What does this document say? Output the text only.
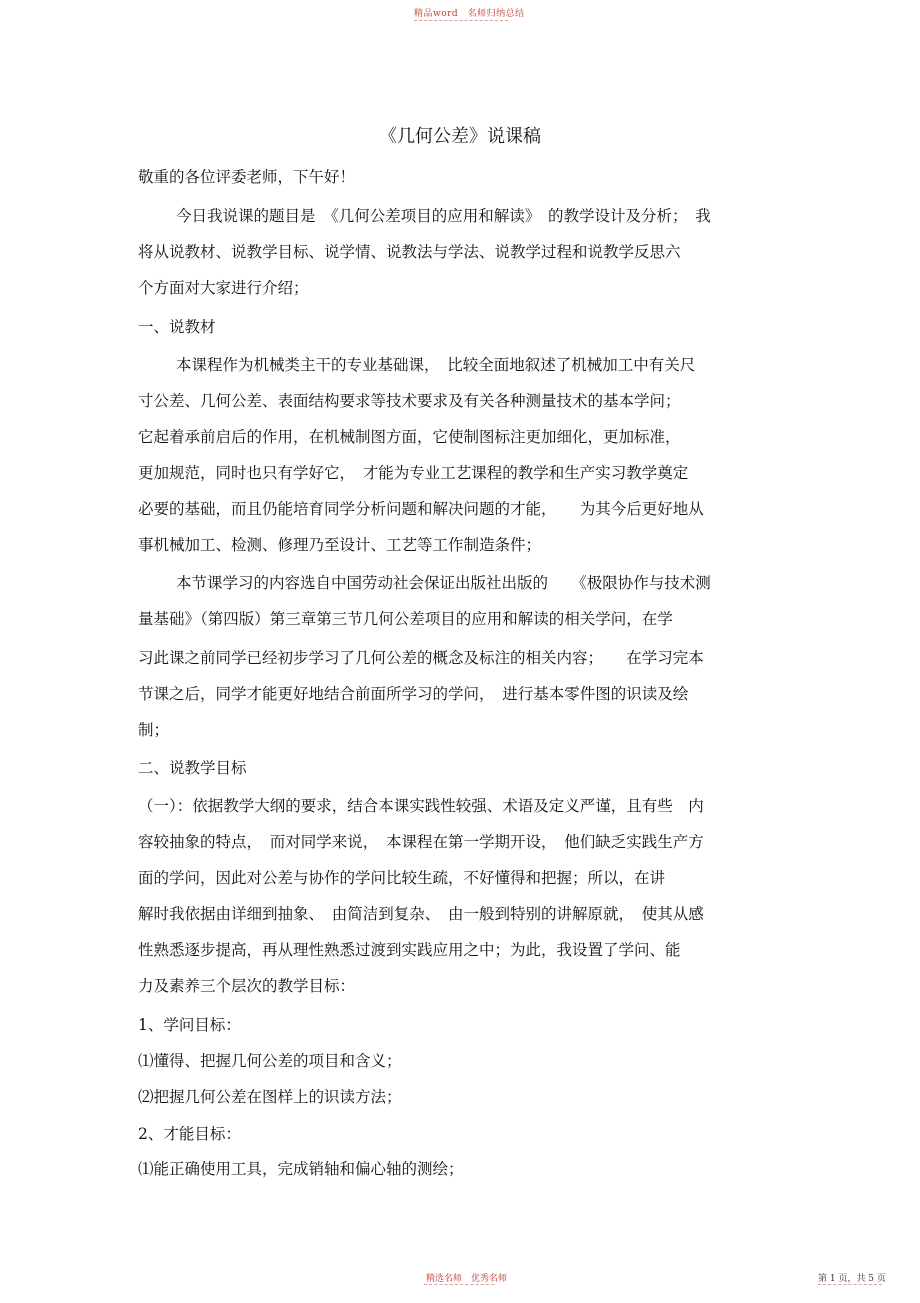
精品word　名师归纳总结
《几何公差》说课稿
敬重的各位评委老师，下午好！
今日我说课的题目是　《几何公差项目的应用和解读》　的教学设计及分析；　我
将从说教材、说教学目标、说学情、说教法与学法、说教学过程和说教学反思六
个方面对大家进行介绍；
一、说教材
本课程作为机械类主干的专业基础课，　比较全面地叙述了机械加工中有关尺
寸公差、几何公差、表面结构要求等技术要求及有关各种测量技术的基本学问；
它起着承前启后的作用，在机械制图方面，它使制图标注更加细化，更加标准，
更加规范，同时也只有学好它，　才能为专业工艺课程的教学和生产实习教学奠定
必要的基础，而且仍能培育同学分析问题和解决问题的才能，　　为其今后更好地从
事机械加工、检测、修理乃至设计、工艺等工作制造条件；
本节课学习的内容选自中国劳动社会保证出版社出版的　　《极限协作与技术测
量基础》（第四版）第三章第三节几何公差项目的应用和解读的相关学问，在学
习此课之前同学已经初步学习了几何公差的概念及标注的相关内容；　　在学习完本
节课之后，同学才能更好地结合前面所学习的学问，　进行基本零件图的识读及绘
制；
二、说教学目标
（一）：依据教学大纲的要求，结合本课实践性较强、术语及定义严谨，且有些　内
容较抽象的特点，　而对同学来说，　本课程在第一学期开设，　他们缺乏实践生产方
面的学问，因此对公差与协作的学问比较生疏，不好懂得和把握；所以，在讲
解时我依据由详细到抽象、　由简洁到复杂、　由一般到特别的讲解原就，　使其从感
性熟悉逐步提高，再从理性熟悉过渡到实践应用之中；为此，我设置了学问、能
力及素养三个层次的教学目标：
1、学问目标：
⑴懂得、把握几何公差的项目和含义；
⑵把握几何公差在图样上的识读方法；
2、才能目标：
⑴能正确使用工具，完成销轴和偏心轴的测绘；
精选名师　优秀名师	第 1 页，共 5 页
